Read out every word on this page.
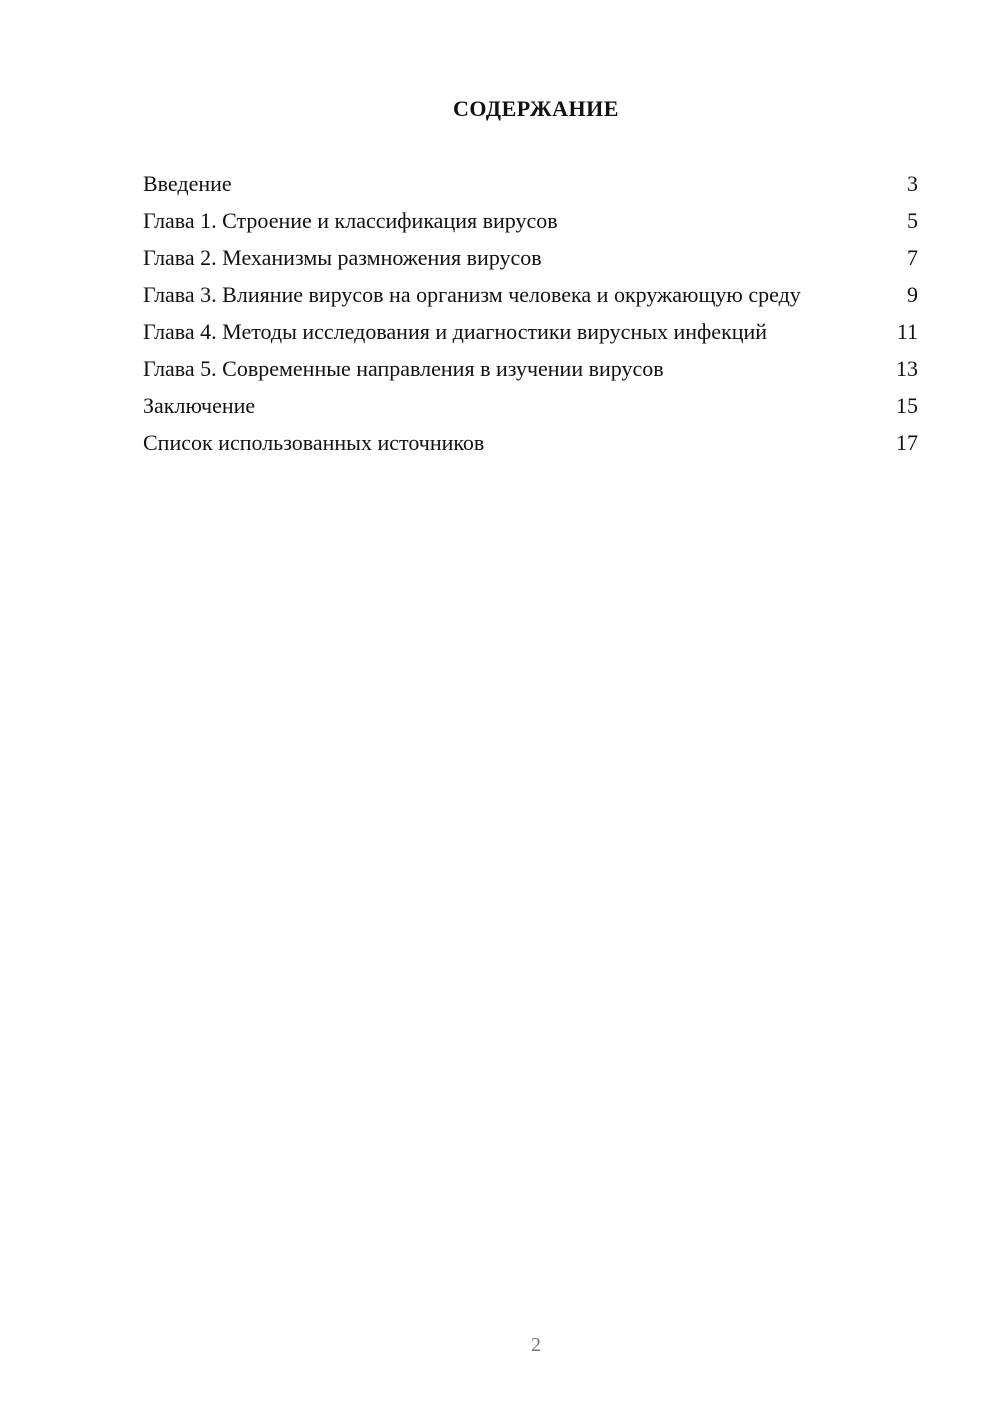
СОДЕРЖАНИЕ
Введение	3
Глава 1. Строение и классификация вирусов	5
Глава 2. Механизмы размножения вирусов	7
Глава 3. Влияние вирусов на организм человека и окружающую среду	9
Глава 4. Методы исследования и диагностики вирусных инфекций	11
Глава 5. Современные направления в изучении вирусов	13
Заключение	15
Список использованных источников	17
2
